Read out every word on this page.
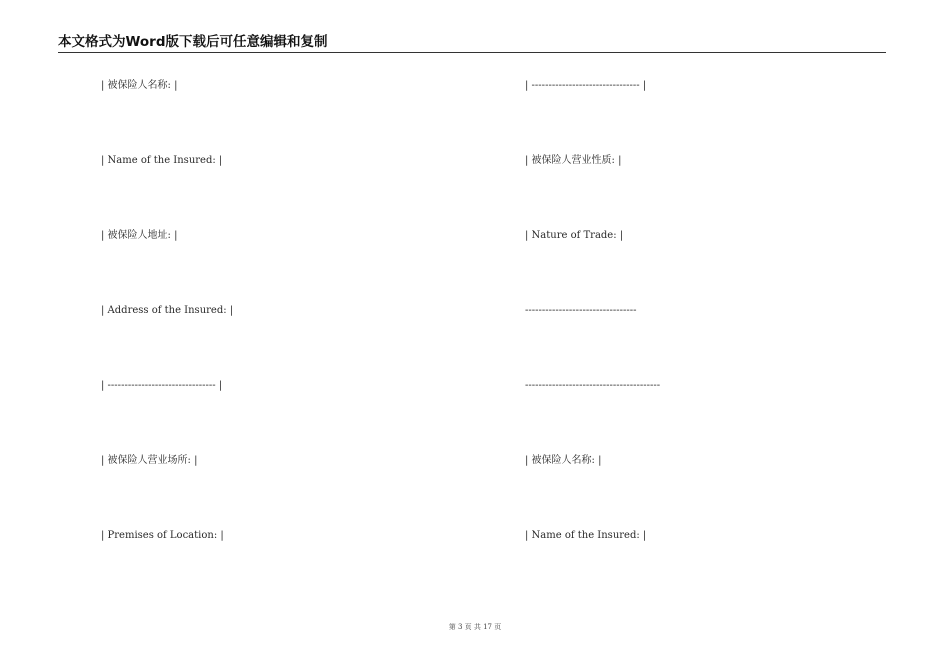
本文格式为Word版下载后可任意编辑和复制
| 被保险人名称: |
| Name of the Insured: |
| 被保险人地址: |
| Address of the Insured: |
| -------------------------------- |
| 被保险人营业场所: |
| Premises of Location: |
| -------------------------------- |
| 被保险人营业性质: |
| Nature of Trade: |
---------------------------------
----------------------------------------
| 被保险人名称: |
| Name of the Insured: |
第 3 页 共 17 页
